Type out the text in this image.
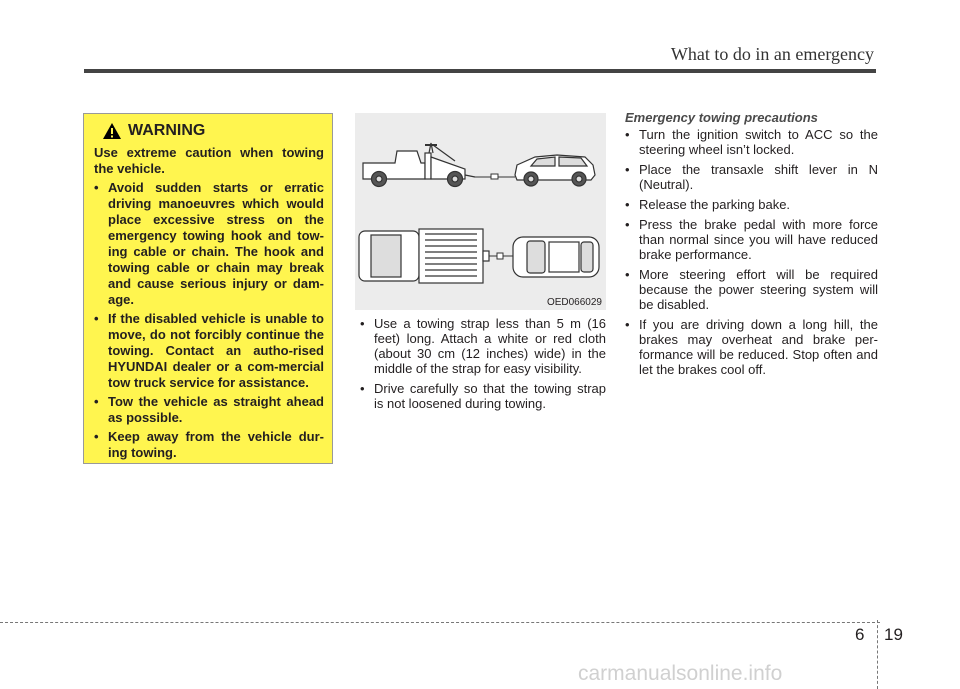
What to do in an emergency
WARNING

Use extreme caution when towing the vehicle.

• Avoid sudden starts or erratic driving manoeuvres which would place excessive stress on the emergency towing hook and tow-ing cable or chain. The hook and towing cable or chain may break and cause serious injury or dam-age.
• If the disabled vehicle is unable to move, do not forcibly continue the towing. Contact an autho-rised HYUNDAI dealer or a com-mercial tow truck service for assistance.
• Tow the vehicle as straight ahead as possible.
• Keep away from the vehicle dur-ing towing.
OED066029
• Use a towing strap less than 5 m (16 feet) long. Attach a white or red cloth (about 30 cm (12 inches) wide) in the middle of the strap for easy visibility.
• Drive carefully so that the towing strap is not loosened during towing.
Emergency towing precautions
• Turn the ignition switch to ACC so the steering wheel isn’t locked.
• Place the transaxle shift lever in N (Neutral).
• Release the parking bake.
• Press the brake pedal with more force than normal since you will have reduced brake performance.
• More steering effort will be required because the power steering system will be disabled.
• If you are driving down a long hill, the brakes may overheat and brake per-formance will be reduced. Stop often and let the brakes cool off.
6 19
carmanualsonline.info
